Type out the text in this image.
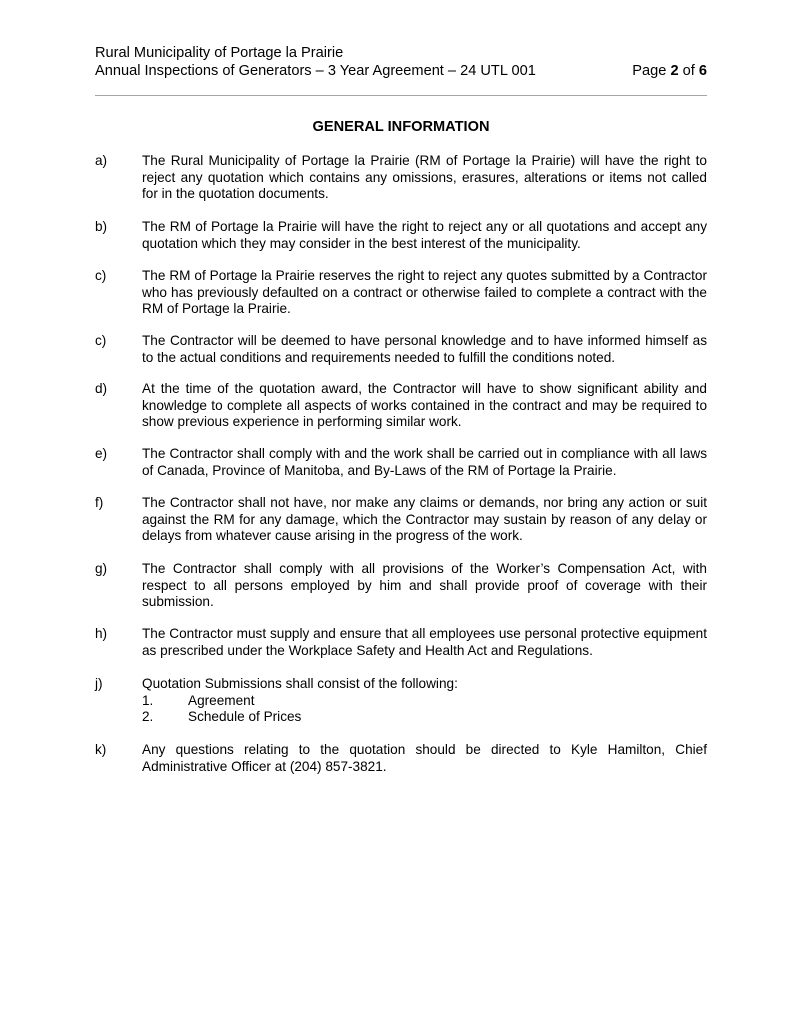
Rural Municipality of Portage la Prairie
Annual Inspections of Generators – 3 Year Agreement – 24 UTL 001	Page 2 of 6
GENERAL INFORMATION
a)	The Rural Municipality of Portage la Prairie (RM of Portage la Prairie) will have the right to reject any quotation which contains any omissions, erasures, alterations or items not called for in the quotation documents.
b)	The RM of Portage la Prairie will have the right to reject any or all quotations and accept any quotation which they may consider in the best interest of the municipality.
c)	The RM of Portage la Prairie reserves the right to reject any quotes submitted by a Contractor who has previously defaulted on a contract or otherwise failed to complete a contract with the RM of Portage la Prairie.
c)	The Contractor will be deemed to have personal knowledge and to have informed himself as to the actual conditions and requirements needed to fulfill the conditions noted.
d)	At the time of the quotation award, the Contractor will have to show significant ability and knowledge to complete all aspects of works contained in the contract and may be required to show previous experience in performing similar work.
e)	The Contractor shall comply with and the work shall be carried out in compliance with all laws of Canada, Province of Manitoba, and By-Laws of the RM of Portage la Prairie.
f)	The Contractor shall not have, nor make any claims or demands, nor bring any action or suit against the RM for any damage, which the Contractor may sustain by reason of any delay or delays from whatever cause arising in the progress of the work.
g)	The Contractor shall comply with all provisions of the Worker’s Compensation Act, with respect to all persons employed by him and shall provide proof of coverage with their submission.
h)	The Contractor must supply and ensure that all employees use personal protective equipment as prescribed under the Workplace Safety and Health Act and Regulations.
j)	Quotation Submissions shall consist of the following:
1.	Agreement
2.	Schedule of Prices
k)	Any questions relating to the quotation should be directed to Kyle Hamilton, Chief Administrative Officer at (204) 857-3821.
